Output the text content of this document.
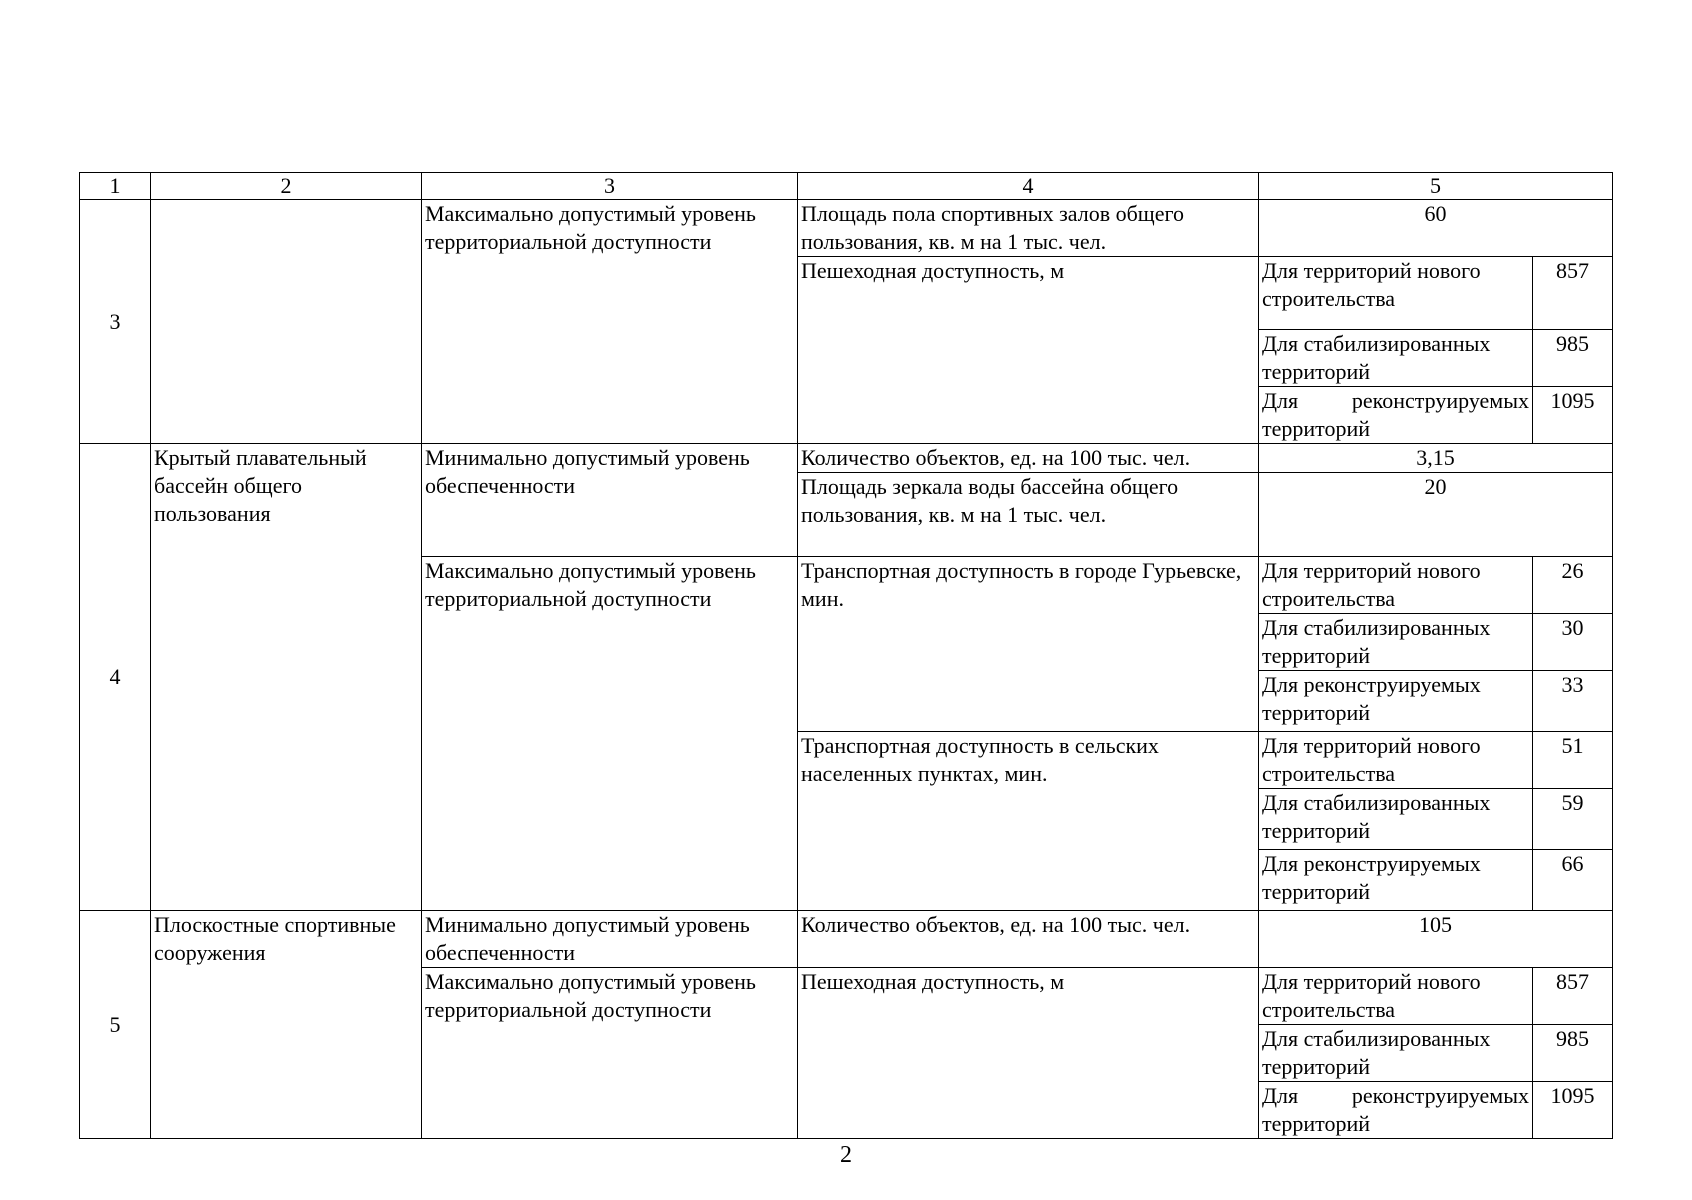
1	2	3	4	5	
3		Максимально допустимый уровень территориальной доступности	Площадь пола спортивных залов общего пользования, кв. м на 1 тыс. чел.	60	
			Пешеходная доступность, м	Для территорий нового строительства	857
				Для стабилизированных территорий	985
				Для реконструируемых территорий	1095
4	Крытый плавательный бассейн общего пользования	Минимально допустимый уровень обеспеченности	Количество объектов, ед. на 100 тыс. чел.	3,15	
			Площадь зеркала воды бассейна общего пользования, кв. м на 1 тыс. чел.	20	
		Максимально допустимый уровень территориальной доступности	Транспортная доступность в городе Гурьевске, мин.	Для территорий нового строительства	26
				Для стабилизированных территорий	30
				Для реконструируемых территорий	33
			Транспортная доступность в сельских населенных пунктах, мин.	Для территорий нового строительства	51
				Для стабилизированных территорий	59
				Для реконструируемых территорий	66
5	Плоскостные спортивные сооружения	Минимально допустимый уровень обеспеченности	Количество объектов, ед. на 100 тыс. чел.	105	
		Максимально допустимый уровень территориальной доступности	Пешеходная доступность, м	Для территорий нового строительства	857
				Для стабилизированных территорий	985
				Для реконструируемых территорий	1095
2
